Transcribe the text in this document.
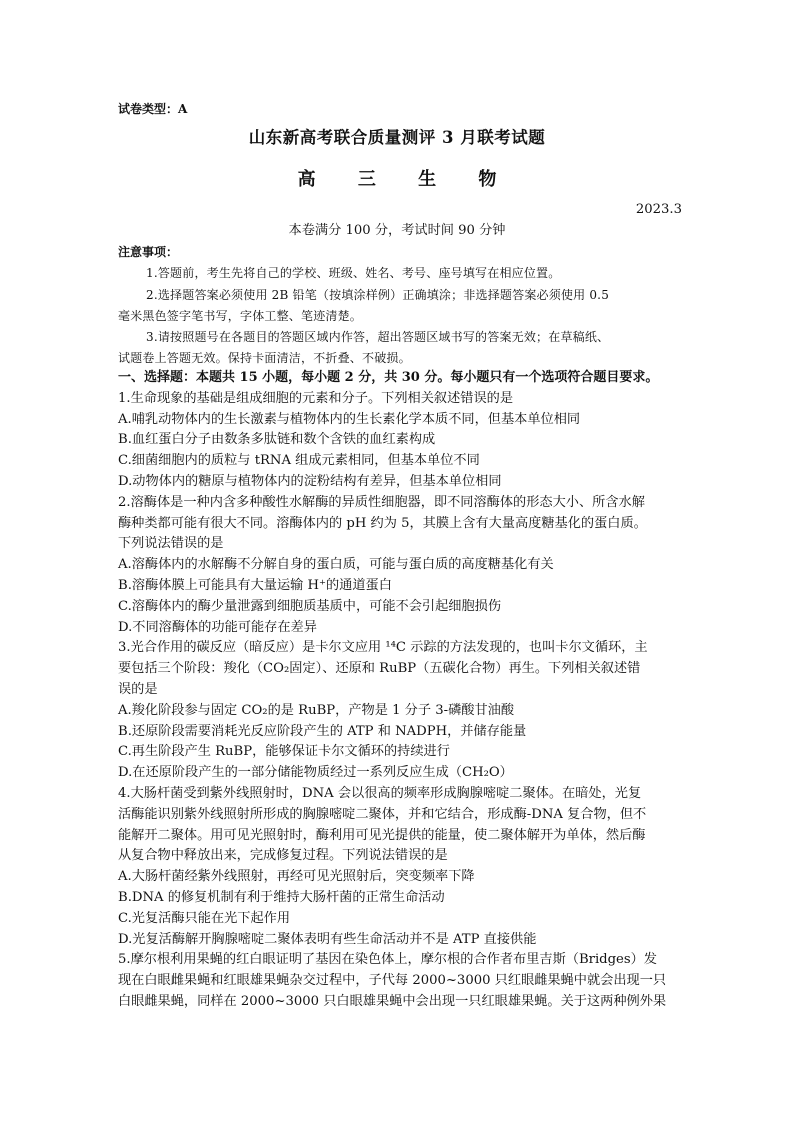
试卷类型：A
山东新高考联合质量测评 3 月联考试题
高 三 生 物
2023.3
本卷满分 100 分，考试时间 90 分钟
注意事项：
1.答题前，考生先将自己的学校、班级、姓名、考号、座号填写在相应位置。
2.选择题答案必须使用 2B 铅笔（按填涂样例）正确填涂；非选择题答案必须使用 0.5
毫米黑色签字笔书写，字体工整、笔迹清楚。
3.请按照题号在各题目的答题区域内作答，超出答题区域书写的答案无效；在草稿纸、
试题卷上答题无效。保持卡面清洁，不折叠、不破损。
一、选择题：本题共 15 小题，每小题 2 分，共 30 分。每小题只有一个选项符合题目要求。
1.生命现象的基础是组成细胞的元素和分子。下列相关叙述错误的是
A.哺乳动物体内的生长激素与植物体内的生长素化学本质不同，但基本单位相同
B.血红蛋白分子由数条多肽链和数个含铁的血红素构成
C.细菌细胞内的质粒与 tRNA 组成元素相同，但基本单位不同
D.动物体内的糖原与植物体内的淀粉结构有差异，但基本单位相同
2.溶酶体是一种内含多种酸性水解酶的异质性细胞器，即不同溶酶体的形态大小、所含水解
酶种类都可能有很大不同。溶酶体内的 pH 约为 5，其膜上含有大量高度糖基化的蛋白质。
下列说法错误的是
A.溶酶体内的水解酶不分解自身的蛋白质，可能与蛋白质的高度糖基化有关
B.溶酶体膜上可能具有大量运输 H⁺的通道蛋白
C.溶酶体内的酶少量泄露到细胞质基质中，可能不会引起细胞损伤
D.不同溶酶体的功能可能存在差异
3.光合作用的碳反应（暗反应）是卡尔文应用 ¹⁴C 示踪的方法发现的，也叫卡尔文循环，主
要包括三个阶段：羧化（CO₂固定）、还原和 RuBP（五碳化合物）再生。下列相关叙述错
误的是
A.羧化阶段参与固定 CO₂的是 RuBP，产物是 1 分子 3-磷酸甘油酸
B.还原阶段需要消耗光反应阶段产生的 ATP 和 NADPH，并储存能量
C.再生阶段产生 RuBP，能够保证卡尔文循环的持续进行
D.在还原阶段产生的一部分储能物质经过一系列反应生成（CH₂O）
4.大肠杆菌受到紫外线照射时，DNA 会以很高的频率形成胸腺嘧啶二聚体。在暗处，光复
活酶能识别紫外线照射所形成的胸腺嘧啶二聚体，并和它结合，形成酶-DNA 复合物，但不
能解开二聚体。用可见光照射时，酶利用可见光提供的能量，使二聚体解开为单体，然后酶
从复合物中释放出来，完成修复过程。下列说法错误的是
A.大肠杆菌经紫外线照射，再经可见光照射后，突变频率下降
B.DNA 的修复机制有利于维持大肠杆菌的正常生命活动
C.光复活酶只能在光下起作用
D.光复活酶解开胸腺嘧啶二聚体表明有些生命活动并不是 ATP 直接供能
5.摩尔根利用果蝇的红白眼证明了基因在染色体上，摩尔根的合作者布里吉斯（Bridges）发
现在白眼雌果蝇和红眼雄果蝇杂交过程中，子代每 2000~3000 只红眼雌果蝇中就会出现一只
白眼雌果蝇，同样在 2000~3000 只白眼雄果蝇中会出现一只红眼雄果蝇。关于这两种例外果
